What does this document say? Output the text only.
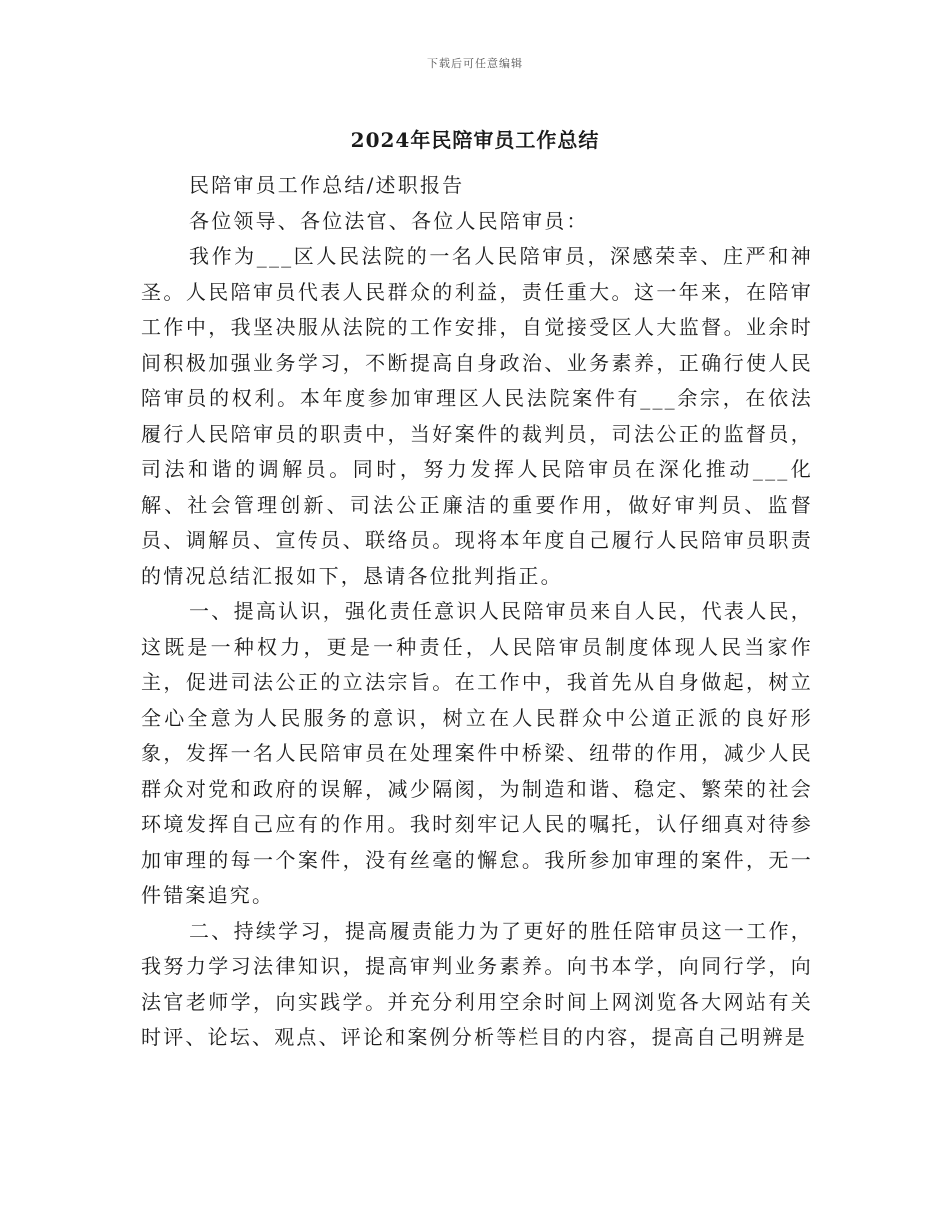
下载后可任意编辑
2024年民陪审员工作总结

民陪审员工作总结/述职报告

各位领导、各位法官、各位人民陪审员：

我作为___区人民法院的一名人民陪审员，深感荣幸、庄严和神圣。人民陪审员代表人民群众的利益，责任重大。这一年来，在陪审工作中，我坚决服从法院的工作安排，自觉接受区人大监督。业余时间积极加强业务学习，不断提高自身政治、业务素养，正确行使人民陪审员的权利。本年度参加审理区人民法院案件有___余宗，在依法履行人民陪审员的职责中，当好案件的裁判员，司法公正的监督员，司法和谐的调解员。同时，努力发挥人民陪审员在深化推动___化解、社会管理创新、司法公正廉洁的重要作用，做好审判员、监督员、调解员、宣传员、联络员。现将本年度自己履行人民陪审员职责的情况总结汇报如下，恳请各位批判指正。

一、提高认识，强化责任意识人民陪审员来自人民，代表人民，这既是一种权力，更是一种责任，人民陪审员制度体现人民当家作主，促进司法公正的立法宗旨。在工作中，我首先从自身做起，树立全心全意为人民服务的意识，树立在人民群众中公道正派的良好形象，发挥一名人民陪审员在处理案件中桥梁、纽带的作用，减少人民群众对党和政府的误解，减少隔阂，为制造和谐、稳定、繁荣的社会环境发挥自己应有的作用。我时刻牢记人民的嘱托，认仔细真对待参加审理的每一个案件，没有丝毫的懈怠。我所参加审理的案件，无一件错案追究。

二、持续学习，提高履责能力为了更好的胜任陪审员这一工作，我努力学习法律知识，提高审判业务素养。向书本学，向同行学，向法官老师学，向实践学。并充分利用空余时间上网浏览各大网站有关时评、论坛、观点、评论和案例分析等栏目的内容，提高自己明辨是
